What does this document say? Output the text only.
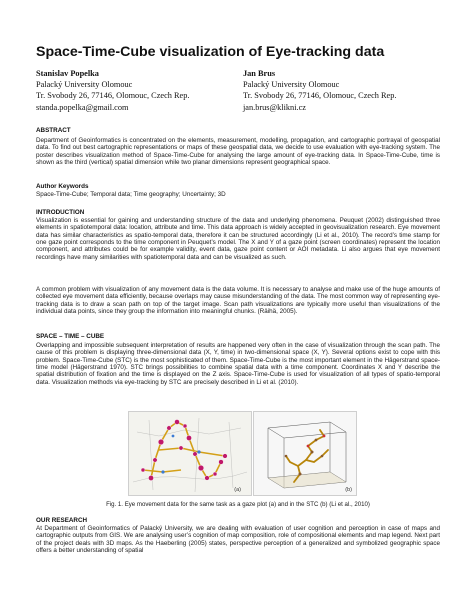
Space-Time-Cube visualization of Eye-tracking data
Stanislav Popelka
Palacký University Olomouc
Tr. Svobody 26, 77146, Olomouc, Czech Rep.
standa.popelka@gmail.com
Jan Brus
Palacký University Olomouc
Tr. Svobody 26, 77146, Olomouc, Czech Rep.
jan.brus@klikni.cz
ABSTRACT

Department of Geoinformatics is concentrated on the elements, measurement, modelling, propagation, and cartographic portrayal of geospatial data. To find out best cartographic representations or maps of these geospatial data, we decide to use evaluation with eye-tracking system. The poster describes visualization method of Space-Time-Cube for analysing the large amount of eye-tracking data. In Space-Time-Cube, time is shown as the third (vertical) spatial dimension while two planar dimensions represent geographical space.

Author Keywords
Space-Time-Cube; Temporal data; Time geography; Uncertainty; 3D
INTRODUCTION

Visualization is essential for gaining and understanding structure of the data and underlying phenomena. Peuquet (2002) distinguished three elements in spatiotemporal data: location, attribute and time. This data approach is widely accepted in geovisualization research. Eye movement data has similar characteristics as spatio-temporal data, therefore it can be structured accordingly (Li et al., 2010). The record’s time stamp for one gaze point corresponds to the time component in Peuquet’s model. The X and Y of a gaze point (screen coordinates) represent the location component, and attributes could be for example validity, event data, gaze point content or AOI metadata. Li also argues that eye movement recordings have many similarities with spatiotemporal data and can be visualized as such.

A common problem with visualization of any movement data is the data volume. It is necessary to analyse and make use of the huge amounts of collected eye movement data efficiently, because overlaps may cause misunderstanding of the data. The most common way of representing eye-tracking data is to draw a scan path on top of the target image. Scan path visualizations are typically more useful than visualizations of the individual data points, since they group the information into meaningful chunks. (Räihä, 2005).

SPACE – TIME – CUBE

Overlapping and impossible subsequent interpretation of results are happened very often in the case of visualization through the scan path. The cause of this problem is displaying three-dimensional data (X, Y, time) in two-dimensional space (X, Y). Several options exist to cope with this problem. Space-Time-Cube (STC) is the most sophisticated of them. Space-Time-Cube is the most important element in the Hägerstrand space-time model (Hägerstrand 1970). STC brings possibilities to combine spatial data with a time component. Coordinates X and Y describe the spatial distribution of fixation and the time is displayed on the Z axis. Space-Time-Cube is used for visualization of all types of spatio-temporal data. Visualization methods via eye-tracking by STC are precisely described in Li et al. (2010).

(a)	(b)
Fig. 1. Eye movement data for the same task as a gaze plot (a) and in the STC (b) (Li et al., 2010)
OUR RESEARCH

At Department of Geoinformatics of Palacký University, we are dealing with evaluation of user cognition and perception in case of maps and cartographic outputs from GIS. We are analysing user’s cognition of map composition, role of compositional elements and map legend. Next part of the project deals with 3D maps. As the Haeberling (2005) states, perspective perception of a generalized and symbolized geographic space offers a better understanding of spatial
